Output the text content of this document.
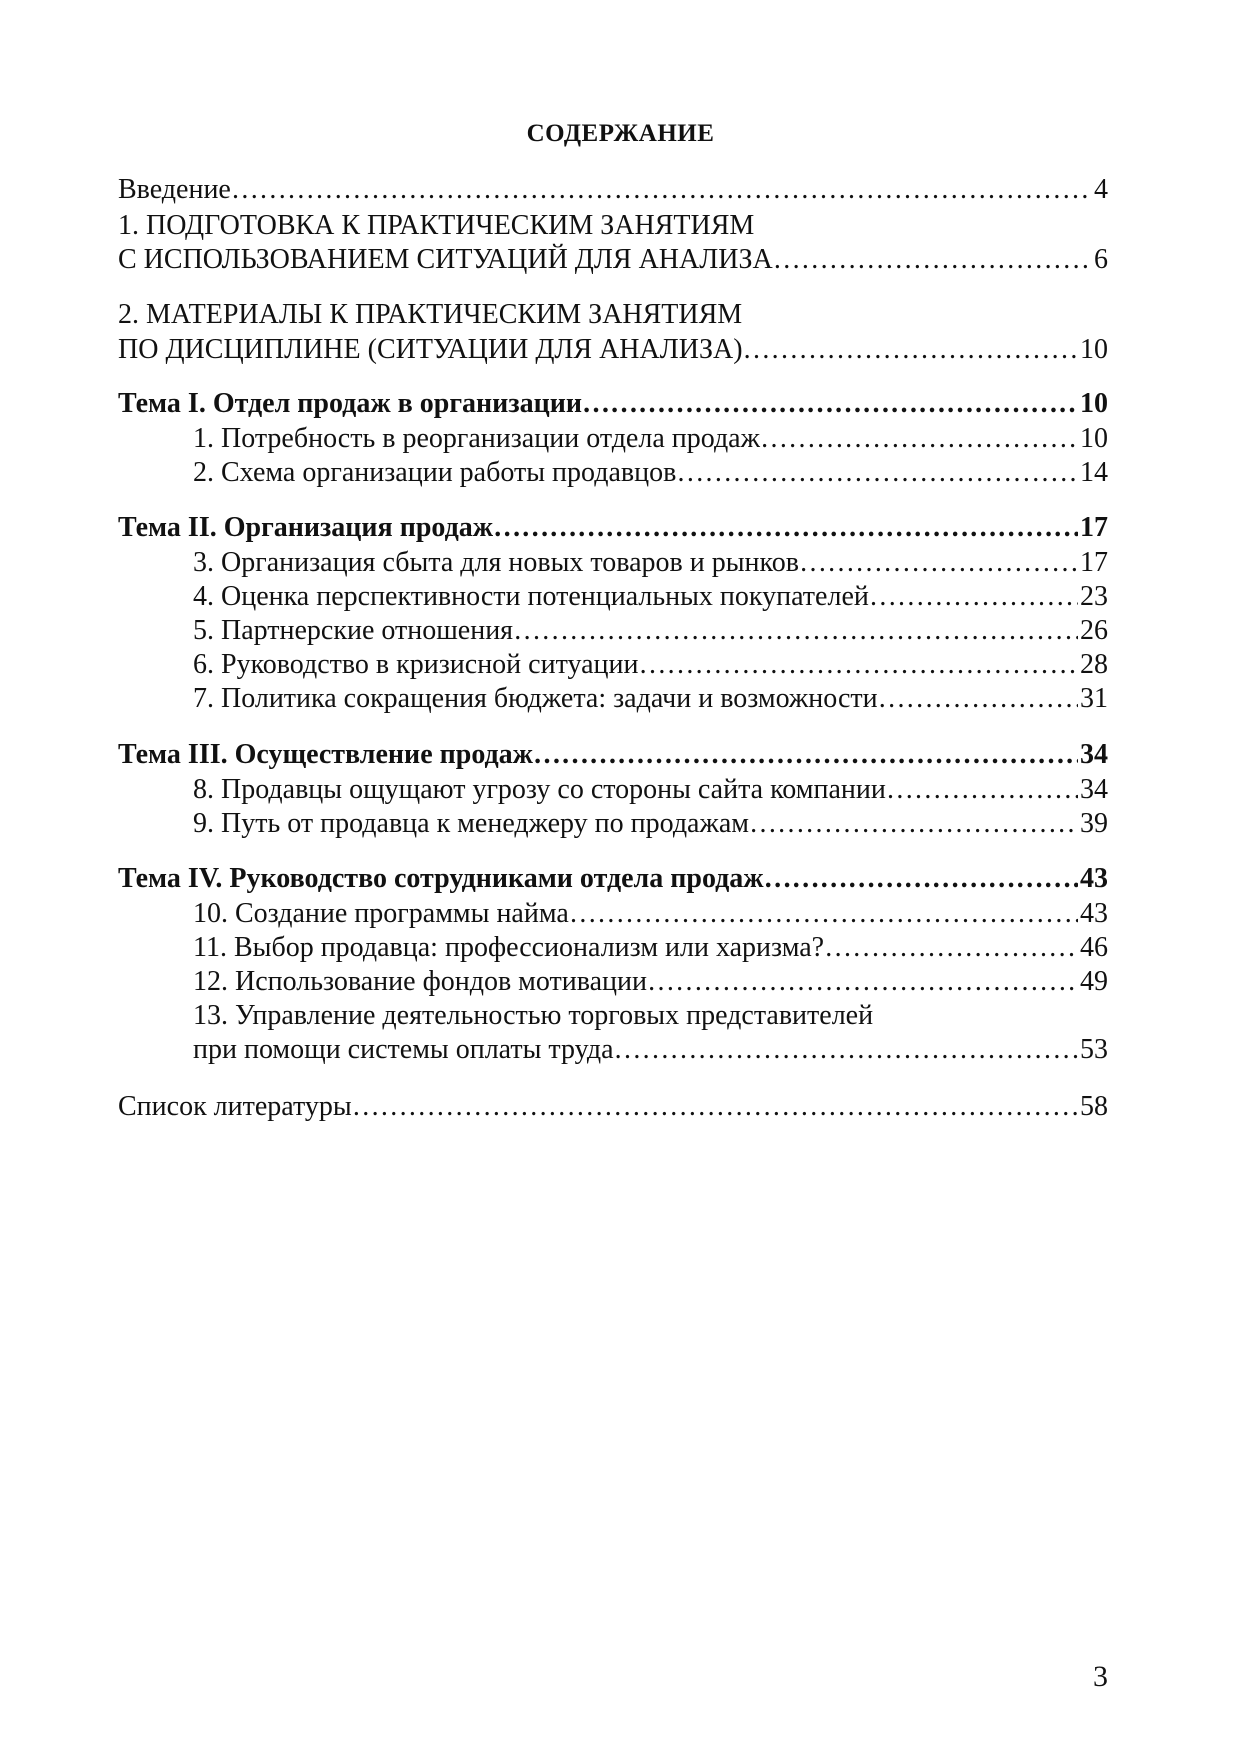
СОДЕРЖАНИЕ
Введение ……………………………………………………………………………………………………………………………………………………………………………………………………………………	4
1. ПОДГОТОВКА К ПРАКТИЧЕСКИМ ЗАНЯТИЯМ
С ИСПОЛЬЗОВАНИЕМ СИТУАЦИЙ ДЛЯ АНАЛИЗА ……………………………………………………………………………………………………………………………………………………………………………………………………………………	6
2. МАТЕРИАЛЫ К ПРАКТИЧЕСКИМ ЗАНЯТИЯМ
ПО ДИСЦИПЛИНЕ (СИТУАЦИИ ДЛЯ АНАЛИЗА) ……………………………………………………………………………………………………………………………………………………………………………………………………………………	10
Тема I. Отдел продаж в организации ……………………………………………………………………………………………………………………………………………………………………………………………………………………	10
1. Потребность в реорганизации отдела продаж ……………………………………………………………………………………………………………………………………………………………………………………………………………………	10
2. Схема организации работы продавцов ……………………………………………………………………………………………………………………………………………………………………………………………………………………	14
Тема II. Организация продаж ……………………………………………………………………………………………………………………………………………………………………………………………………………………	17
3. Организация сбыта для новых товаров и рынков ……………………………………………………………………………………………………………………………………………………………………………………………………………………	17
4. Оценка перспективности потенциальных покупателей ……………………………………………………………………………………………………………………………………………………………………………………………………………………	23
5. Партнерские отношения ……………………………………………………………………………………………………………………………………………………………………………………………………………………	26
6. Руководство в кризисной ситуации ……………………………………………………………………………………………………………………………………………………………………………………………………………………	28
7. Политика сокращения бюджета: задачи и возможности ……………………………………………………………………………………………………………………………………………………………………………………………………………………	31
Тема III. Осуществление продаж ……………………………………………………………………………………………………………………………………………………………………………………………………………………	34
8. Продавцы ощущают угрозу со стороны сайта компании ……………………………………………………………………………………………………………………………………………………………………………………………………………………	34
9. Путь от продавца к менеджеру по продажам ……………………………………………………………………………………………………………………………………………………………………………………………………………………	39
Тема IV. Руководство сотрудниками отдела продаж ……………………………………………………………………………………………………………………………………………………………………………………………………………………	43
10. Создание программы найма ……………………………………………………………………………………………………………………………………………………………………………………………………………………	43
11. Выбор продавца: профессионализм или харизма? ……………………………………………………………………………………………………………………………………………………………………………………………………………………	46
12. Использование фондов мотивации ……………………………………………………………………………………………………………………………………………………………………………………………………………………	49
13. Управление деятельностью торговых представителей
при помощи системы оплаты труда ……………………………………………………………………………………………………………………………………………………………………………………………………………………	53
Список литературы ……………………………………………………………………………………………………………………………………………………………………………………………………………………	58
3
